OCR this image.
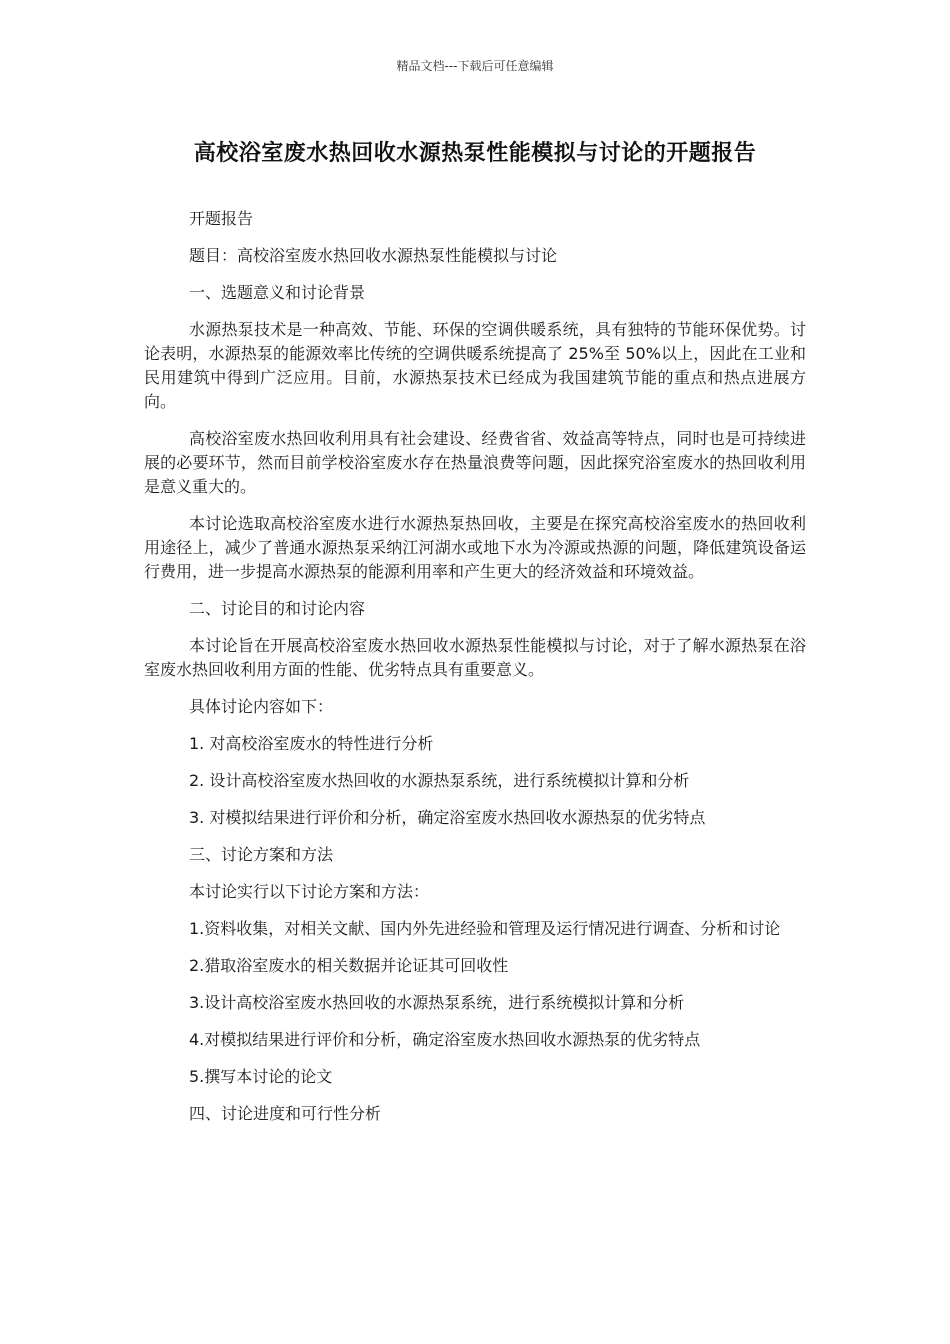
精品文档---下载后可任意编辑
高校浴室废水热回收水源热泵性能模拟与讨论的开题报告

开题报告

题目：高校浴室废水热回收水源热泵性能模拟与讨论

一、选题意义和讨论背景

水源热泵技术是一种高效、节能、环保的空调供暖系统，具有独特的节能环保优势。讨论表明，水源热泵的能源效率比传统的空调供暖系统提高了 25%至 50%以上，因此在工业和民用建筑中得到广泛应用。目前，水源热泵技术已经成为我国建筑节能的重点和热点进展方向。

高校浴室废水热回收利用具有社会建设、经费省省、效益高等特点，同时也是可持续进展的必要环节，然而目前学校浴室废水存在热量浪费等问题，因此探究浴室废水的热回收利用是意义重大的。

本讨论选取高校浴室废水进行水源热泵热回收，主要是在探究高校浴室废水的热回收利用途径上，减少了普通水源热泵采纳江河湖水或地下水为冷源或热源的问题，降低建筑设备运行费用，进一步提高水源热泵的能源利用率和产生更大的经济效益和环境效益。

二、讨论目的和讨论内容

本讨论旨在开展高校浴室废水热回收水源热泵性能模拟与讨论，对于了解水源热泵在浴室废水热回收利用方面的性能、优劣特点具有重要意义。

具体讨论内容如下：

1. 对高校浴室废水的特性进行分析

2. 设计高校浴室废水热回收的水源热泵系统，进行系统模拟计算和分析

3. 对模拟结果进行评价和分析，确定浴室废水热回收水源热泵的优劣特点

三、讨论方案和方法

本讨论实行以下讨论方案和方法：

1.资料收集，对相关文献、国内外先进经验和管理及运行情况进行调查、分析和讨论

2.猎取浴室废水的相关数据并论证其可回收性

3.设计高校浴室废水热回收的水源热泵系统，进行系统模拟计算和分析

4.对模拟结果进行评价和分析，确定浴室废水热回收水源热泵的优劣特点

5.撰写本讨论的论文

四、讨论进度和可行性分析
